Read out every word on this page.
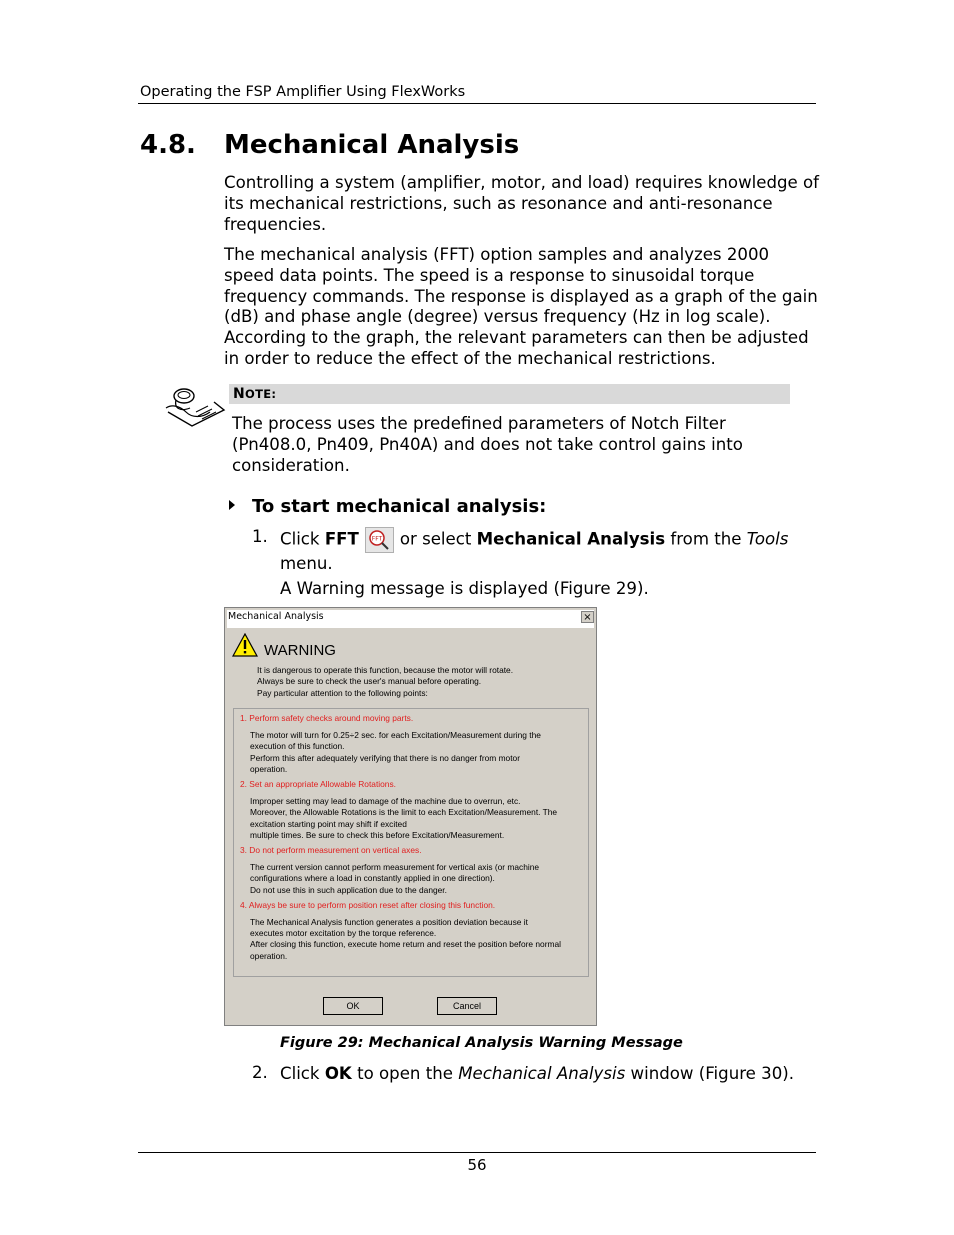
Operating the FSP Amplifier Using FlexWorks
4.8. Mechanical Analysis
Controlling a system (amplifier, motor, and load) requires knowledge of its mechanical restrictions, such as resonance and anti-resonance frequencies.
The mechanical analysis (FFT) option samples and analyzes 2000 speed data points. The speed is a response to sinusoidal torque frequency commands. The response is displayed as a graph of the gain (dB) and phase angle (degree) versus frequency (Hz in log scale). According to the graph, the relevant parameters can then be adjusted in order to reduce the effect of the mechanical restrictions.
NOTE:
The process uses the predefined parameters of Notch Filter (Pn408.0, Pn409, Pn40A) and does not take control gains into consideration.
To start mechanical analysis:
1. Click FFT FFT or select Mechanical Analysis from the Tools menu.
A Warning message is displayed (Figure 29).
Mechanical Analysis	×
WARNING
It is dangerous to operate this function, because the motor will rotate.
Always be sure to check the user's manual before operating.
Pay particular attention to the following points:
1. Perform safety checks around moving parts.
The motor will turn for 0.25÷2 sec. for each Excitation/Measurement during the
execution of this function.
Perform this after adequately verifying that there is no danger from motor
operation.
2. Set an appropriate Allowable Rotations.
Improper setting may lead to damage of the machine due to overrun, etc.
Moreover, the Allowable Rotations is the limit to each Excitation/Measurement. The
excitation starting point may shift if excited
multiple times. Be sure to check this before Excitation/Measurement.
3. Do not perform measurement on vertical axes.
The current version cannot perform measurement for vertical axis (or machine
configurations where a load in constantly applied in one direction).
Do not use this in such application due to the danger.
4. Always be sure to perform position reset after closing this function.
The Mechanical Analysis function generates a position deviation because it
executes motor excitation by the torque reference.
After closing this function, execute home return and reset the position before normal
operation.
OK	Cancel
Figure 29: Mechanical Analysis Warning Message
2. Click OK to open the Mechanical Analysis window (Figure 30).
56
